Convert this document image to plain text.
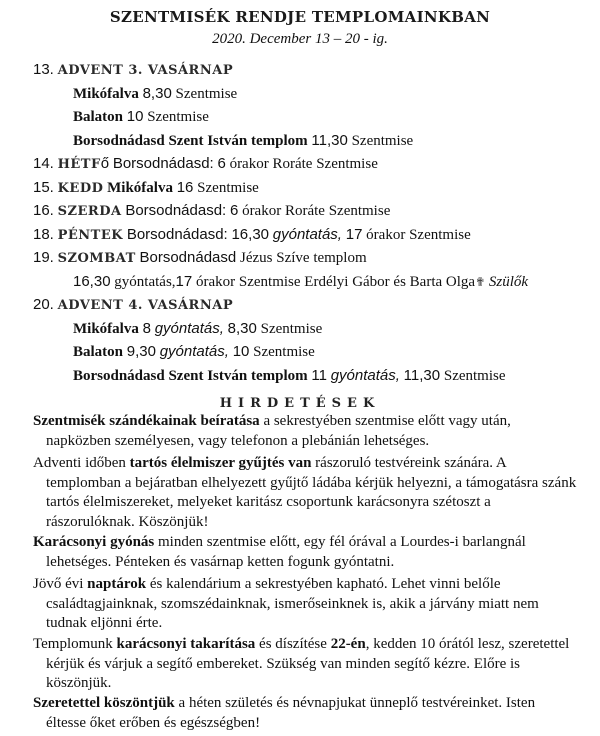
SZENTMISÉK RENDJE TEMPLOMAINKBAN
2020. December 13 – 20 - ig.
13. ADVENT 3. VASÁRNAP
Mikófalva 8,30 Szentmise
Balaton 10 Szentmise
Borsodnádasd Szent István templom 11,30 Szentmise
14. HÉTFő Borsodnádasd: 6 órakor Roráte Szentmise
15. KEDD Mikófalva 16 Szentmise
16. SZERDA Borsodnádasd: 6 órakor Roráte Szentmise
18. PÉNTEK Borsodnádasd: 16,30 gyóntatás, 17 órakor Szentmise
19. SZOMBAT Borsodnádasd Jézus Szíve templom
16,30 gyóntatás,17 órakor Szentmise Erdélyi Gábor és Barta Olga✟ Szülők
20. ADVENT 4. VASÁRNAP
Mikófalva 8 gyóntatás, 8,30 Szentmise
Balaton 9,30 gyóntatás, 10 Szentmise
Borsodnádasd Szent István templom 11 gyóntatás, 11,30 Szentmise
HIRDETÉSEK

Szentmisék szándékainak beíratása a sekrestyében szentmise előtt vagy után, napközben személyesen, vagy telefonon a plebánián lehetséges.

Adventi időben tartós élelmiszer gyűjtés van rászoruló testvéreink szánára. A templomban a bejáratban elhelyezett gyűjtő ládába kérjük helyezni, a támogatásra szánk tartós élelmiszereket, melyeket karitász csoportunk karácsonyra szétoszt a rászorulóknak. Köszönjük!

Karácsonyi gyónás minden szentmise előtt, egy fél órával a Lourdes-i barlangnál lehetséges. Pénteken és vasárnap ketten fogunk gyóntatni.

Jövő évi naptárok és kalendárium a sekrestyében kapható. Lehet vinni belőle családtagjainknak, szomszédainknak, ismerőseinknek is, akik a járvány miatt nem tudnak eljönni érte.

Templomunk karácsonyi takarítása és díszítése 22-én, kedden 10 órától lesz, szeretettel kérjük és várjuk a segítő embereket. Szükség van minden segítő kézre. Előre is köszönjük.

Szeretettel köszöntjük a héten születés és névnapjukat ünneplő testvéreinket. Isten éltesse őket erőben és egészségben!
